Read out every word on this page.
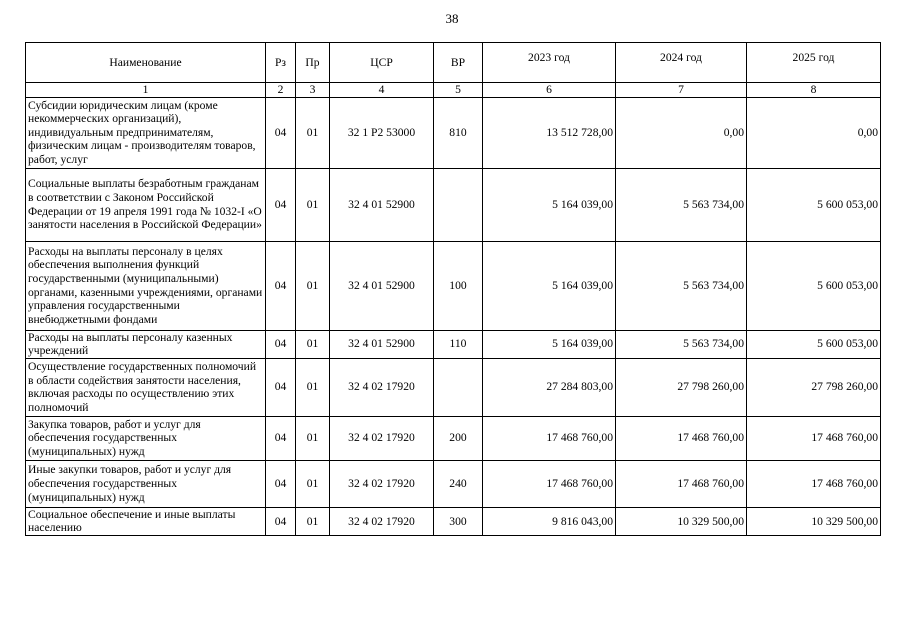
38
Наименование	Рз	Пр	ЦСР	ВР	2023 год	2024 год	2025 год
1	2	3	4	5	6	7	8
Субсидии юридическим лицам (кроме некоммерческих организаций), индивидуальным предпринимателям, физическим лицам - производителям товаров, работ, услуг	04	01	32 1 Р2 53000	810	13 512 728,00	0,00	0,00
Социальные выплаты безработным гражданам в соответствии с Законом Российской Федерации от 19 апреля 1991 года № 1032-I «О занятости населения в Российской Федерации»	04	01	32 4 01 52900		5 164 039,00	5 563 734,00	5 600 053,00
Расходы на выплаты персоналу в целях обеспечения выполнения функций государственными (муниципальными) органами, казенными учреждениями, органами управления государственными внебюджетными фондами	04	01	32 4 01 52900	100	5 164 039,00	5 563 734,00	5 600 053,00
Расходы на выплаты персоналу казенных учреждений	04	01	32 4 01 52900	110	5 164 039,00	5 563 734,00	5 600 053,00
Осуществление государственных полномочий в области содействия занятости населения, включая расходы по осуществлению этих полномочий	04	01	32 4 02 17920		27 284 803,00	27 798 260,00	27 798 260,00
Закупка товаров, работ и услуг для обеспечения государственных (муниципальных) нужд	04	01	32 4 02 17920	200	17 468 760,00	17 468 760,00	17 468 760,00
Иные закупки товаров, работ и услуг для обеспечения государственных (муниципальных) нужд	04	01	32 4 02 17920	240	17 468 760,00	17 468 760,00	17 468 760,00
Социальное обеспечение и иные выплаты населению	04	01	32 4 02 17920	300	9 816 043,00	10 329 500,00	10 329 500,00
